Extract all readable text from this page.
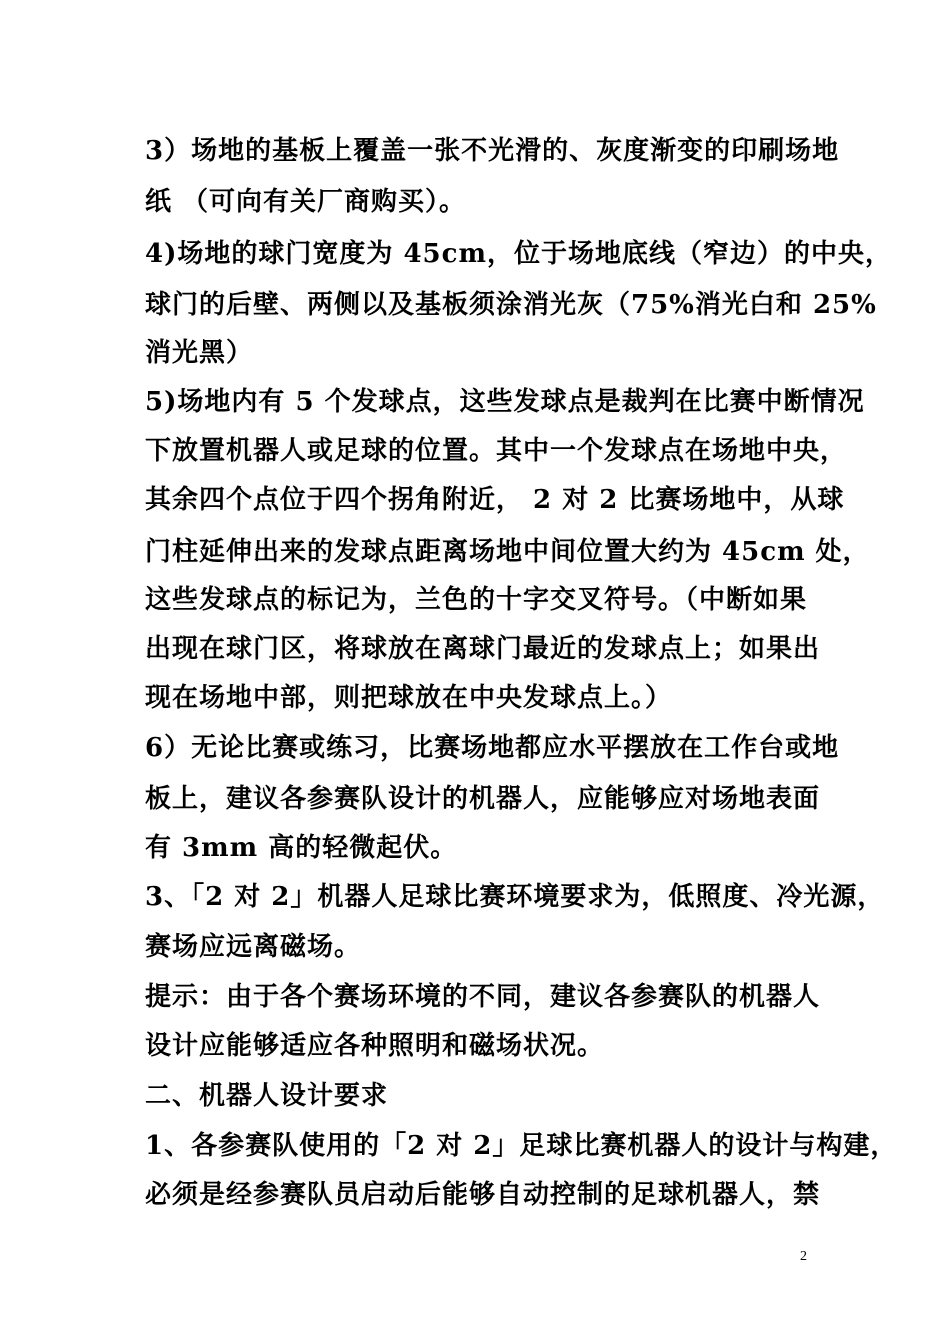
3）场地的基板上覆盖一张不光滑的、灰度渐变的印刷场地
纸 （可向有关厂商购买）。
4)场地的球门宽度为 45cm，位于场地底线（窄边）的中央，
球门的后壁、两侧以及基板须涂消光灰（75%消光白和 25%
消光黑）
5)场地内有 5 个发球点，这些发球点是裁判在比赛中断情况
下放置机器人或足球的位置。其中一个发球点在场地中央，
其余四个点位于四个拐角附近， 2 对 2 比赛场地中，从球
门柱延伸出来的发球点距离场地中间位置大约为 45cm 处，
这些发球点的标记为，兰色的十字交叉符号。（中断如果
出现在球门区，将球放在离球门最近的发球点上；如果出
现在场地中部，则把球放在中央发球点上。）
6）无论比赛或练习，比赛场地都应水平摆放在工作台或地
板上，建议各参赛队设计的机器人，应能够应对场地表面
有 3mm 高的轻微起伏。
3、「2 对 2」机器人足球比赛环境要求为，低照度、冷光源，
赛场应远离磁场。
提示：由于各个赛场环境的不同，建议各参赛队的机器人
设计应能够适应各种照明和磁场状况。
二、机器人设计要求
1、各参赛队使用的「2 对 2」足球比赛机器人的设计与构建，
必须是经参赛队员启动后能够自动控制的足球机器人，禁
2
